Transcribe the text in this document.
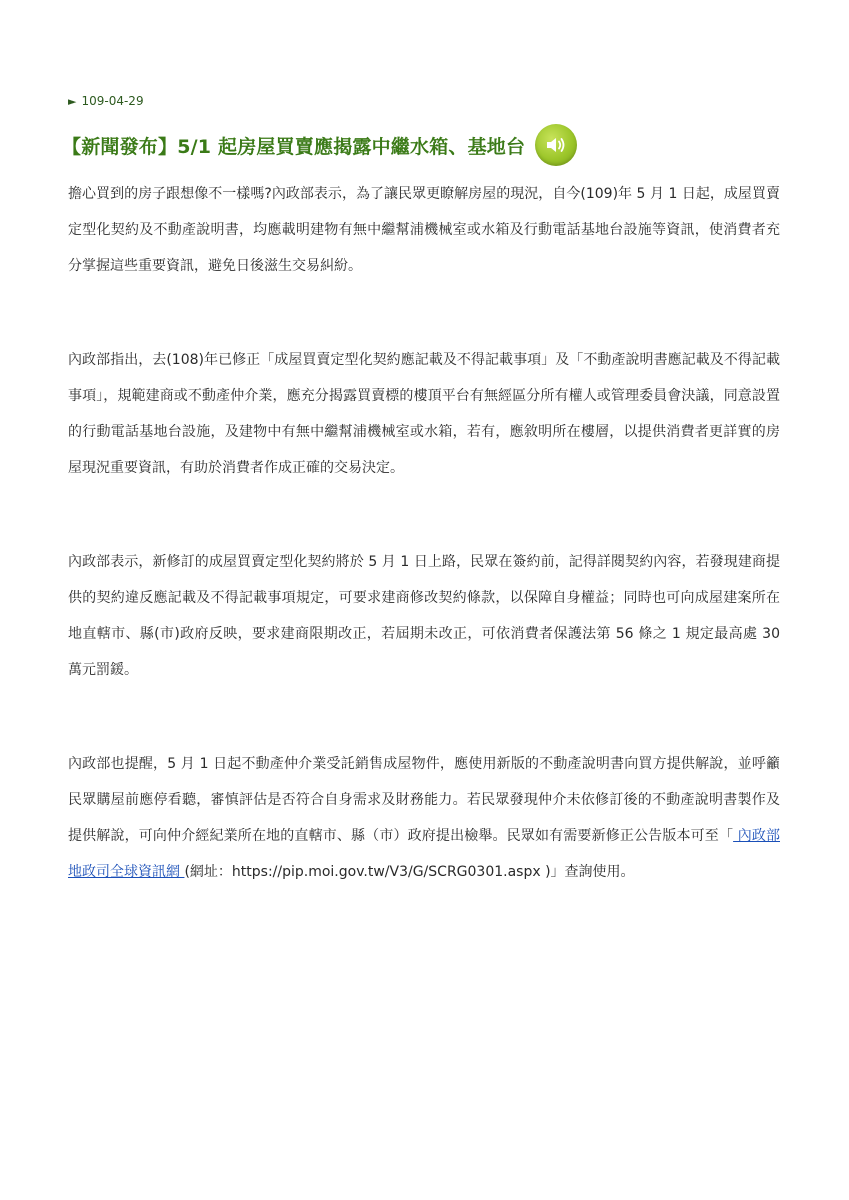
► 109-04-29
【新聞發布】5/1 起房屋買賣應揭露中繼水箱、基地台

擔心買到的房子跟想像不一樣嗎?內政部表示，為了讓民眾更瞭解房屋的現況，自今(109)年 5 月 1 日起，成屋買賣定型化契約及不動產說明書，均應載明建物有無中繼幫浦機械室或水箱及行動電話基地台設施等資訊，使消費者充分掌握這些重要資訊，避免日後滋生交易糾紛。

內政部指出，去(108)年已修正「成屋買賣定型化契約應記載及不得記載事項」及「不動產說明書應記載及不得記載事項」，規範建商或不動產仲介業，應充分揭露買賣標的樓頂平台有無經區分所有權人或管理委員會決議，同意設置的行動電話基地台設施，及建物中有無中繼幫浦機械室或水箱，若有，應敘明所在樓層，以提供消費者更詳實的房屋現況重要資訊，有助於消費者作成正確的交易決定。

內政部表示，新修訂的成屋買賣定型化契約將於 5 月 1 日上路，民眾在簽約前，記得詳閱契約內容，若發現建商提供的契約違反應記載及不得記載事項規定，可要求建商修改契約條款，以保障自身權益；同時也可向成屋建案所在地直轄市、縣(市)政府反映，要求建商限期改正，若屆期未改正，可依消費者保護法第 56 條之 1 規定最高處 30 萬元罰鍰。

內政部也提醒，5 月 1 日起不動產仲介業受託銷售成屋物件，應使用新版的不動產說明書向買方提供解說，並呼籲民眾購屋前應停看聽，審慎評估是否符合自身需求及財務能力。若民眾發現仲介未依修訂後的不動產說明書製作及提供解說，可向仲介經紀業所在地的直轄市、縣（市）政府提出檢舉。民眾如有需要新修正公告版本可至「 內政部地政司全球資訊網 (網址：https://pip.moi.gov.tw/V3/G/SCRG0301.aspx )」查詢使用。
